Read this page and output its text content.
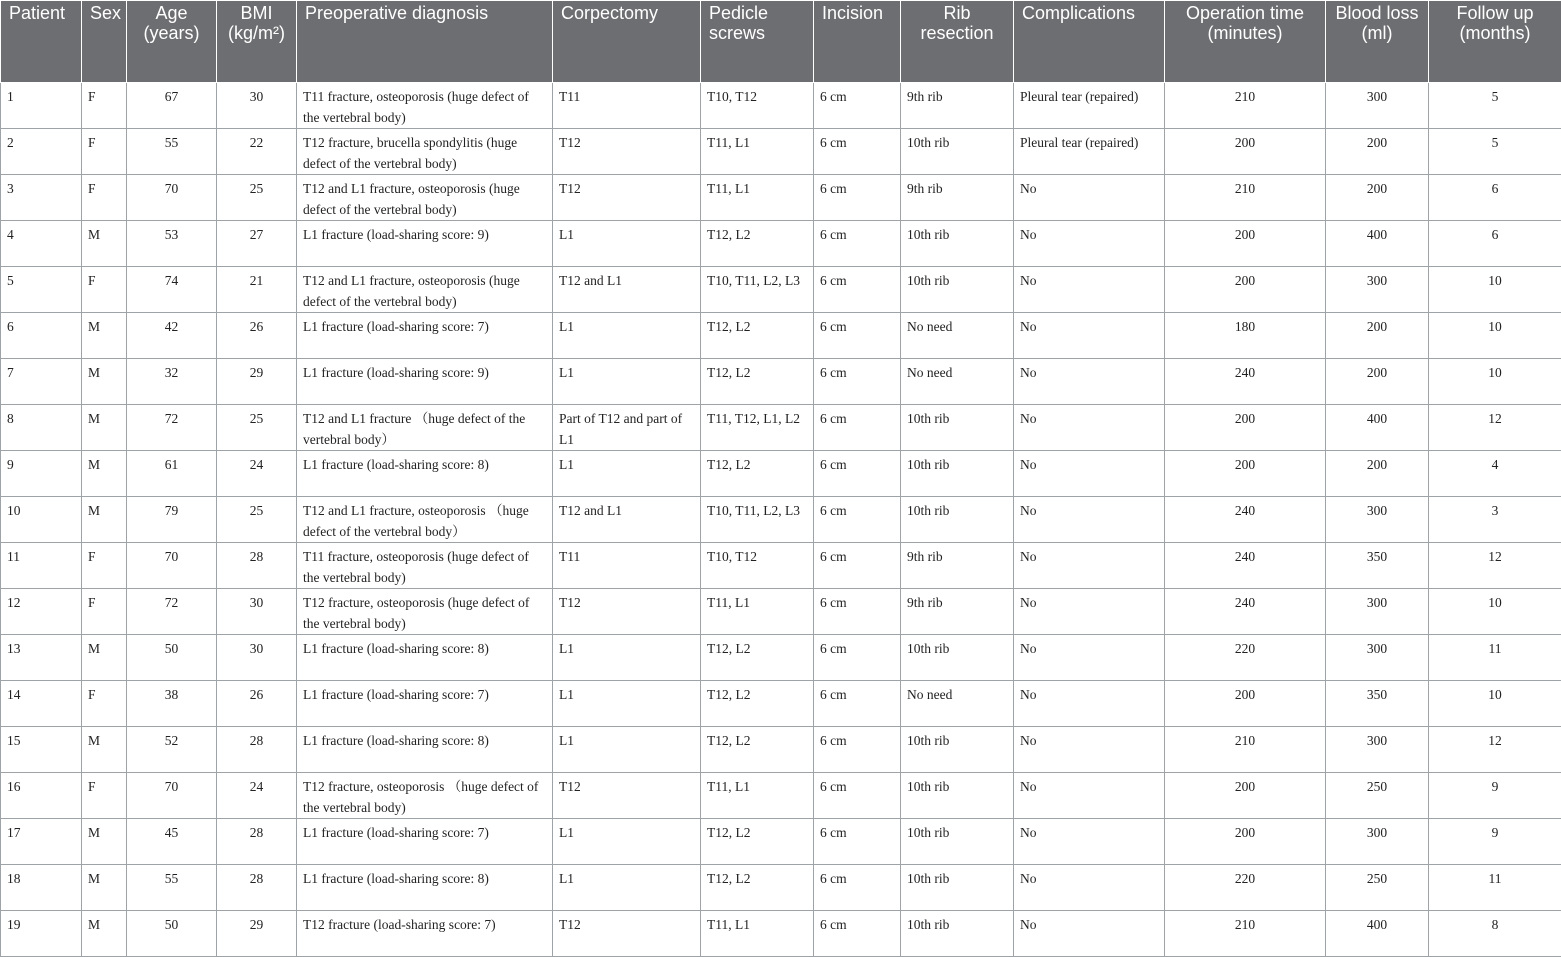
Patient	Sex	Age (years)	BMI (kg/m²)	Preoperative diagnosis	Corpectomy	Pedicle screws	Incision	Rib resection	Complications	Operation time (minutes)	Blood loss (ml)	Follow up (months)
1	F	67	30	T11 fracture, osteoporosis (huge defect of the vertebral body)	T11	T10, T12	6 cm	9th rib	Pleural tear (repaired)	210	300	5
2	F	55	22	T12 fracture, brucella spondylitis (huge defect of the vertebral body)	T12	T11, L1	6 cm	10th rib	Pleural tear (repaired)	200	200	5
3	F	70	25	T12 and L1 fracture, osteoporosis (huge defect of the vertebral body)	T12	T11, L1	6 cm	9th rib	No	210	200	6
4	M	53	27	L1 fracture (load-sharing score: 9)	L1	T12, L2	6 cm	10th rib	No	200	400	6
5	F	74	21	T12 and L1 fracture, osteoporosis (huge defect of the vertebral body)	T12 and L1	T10, T11, L2, L3	6 cm	10th rib	No	200	300	10
6	M	42	26	L1 fracture (load-sharing score: 7)	L1	T12, L2	6 cm	No need	No	180	200	10
7	M	32	29	L1 fracture (load-sharing score: 9)	L1	T12, L2	6 cm	No need	No	240	200	10
8	M	72	25	T12 and L1 fracture （huge defect of the vertebral body）	Part of T12 and part of L1	T11, T12, L1, L2	6 cm	10th rib	No	200	400	12
9	M	61	24	L1 fracture (load-sharing score: 8)	L1	T12, L2	6 cm	10th rib	No	200	200	4
10	M	79	25	T12 and L1 fracture, osteoporosis （huge defect of the vertebral body）	T12 and L1	T10, T11, L2, L3	6 cm	10th rib	No	240	300	3
11	F	70	28	T11 fracture, osteoporosis (huge defect of the vertebral body)	T11	T10, T12	6 cm	9th rib	No	240	350	12
12	F	72	30	T12 fracture, osteoporosis (huge defect of the vertebral body)	T12	T11, L1	6 cm	9th rib	No	240	300	10
13	M	50	30	L1 fracture (load-sharing score: 8)	L1	T12, L2	6 cm	10th rib	No	220	300	11
14	F	38	26	L1 fracture (load-sharing score: 7)	L1	T12, L2	6 cm	No need	No	200	350	10
15	M	52	28	L1 fracture (load-sharing score: 8)	L1	T12, L2	6 cm	10th rib	No	210	300	12
16	F	70	24	T12 fracture, osteoporosis （huge defect of the vertebral body)	T12	T11, L1	6 cm	10th rib	No	200	250	9
17	M	45	28	L1 fracture (load-sharing score: 7)	L1	T12, L2	6 cm	10th rib	No	200	300	9
18	M	55	28	L1 fracture (load-sharing score: 8)	L1	T12, L2	6 cm	10th rib	No	220	250	11
19	M	50	29	T12 fracture (load-sharing score: 7)	T12	T11, L1	6 cm	10th rib	No	210	400	8
